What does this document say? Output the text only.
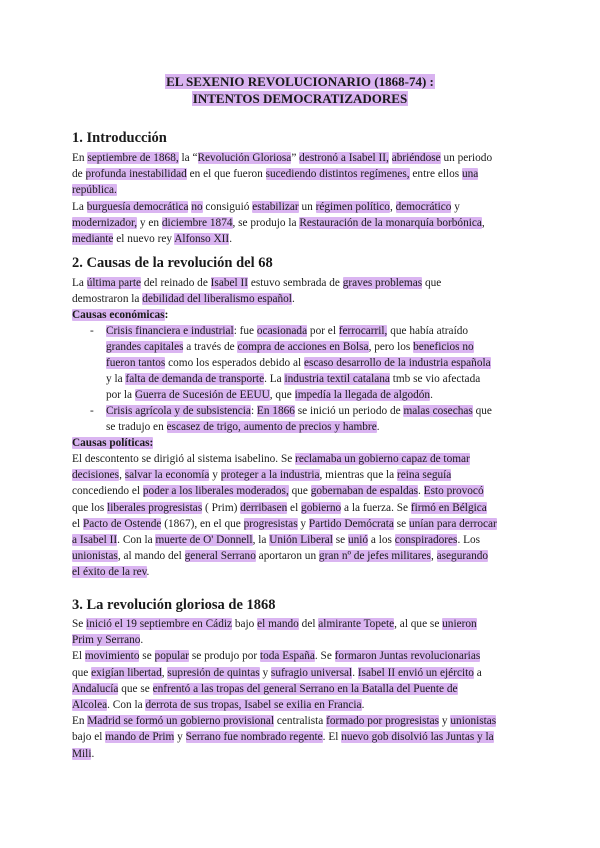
EL SEXENIO REVOLUCIONARIO (1868-74) :
INTENTOS DEMOCRATIZADORES
1. Introducción
En septiembre de 1868, la “Revolución Gloriosa” destronó a Isabel II, abriéndose un periodo
de profunda inestabilidad en el que fueron sucediendo distintos regímenes, entre ellos una
república.
La burguesía democrática no consiguió estabilizar un régimen político, democrático y
modernizador, y en diciembre 1874, se produjo la Restauración de la monarquía borbónica,
mediante el nuevo rey Alfonso XII.
2. Causas de la revolución del 68
La última parte del reinado de Isabel II estuvo sembrada de graves problemas que
demostraron la debilidad del liberalismo español.
Causas económicas:
- Crisis financiera e industrial: fue ocasionada por el ferrocarril, que había atraído
grandes capitales a través de compra de acciones en Bolsa, pero los beneficios no
fueron tantos como los esperados debido al escaso desarrollo de la industria española
y la falta de demanda de transporte. La industria textil catalana tmb se vio afectada
por la Guerra de Sucesión de EEUU, que impedía la llegada de algodón.
- Crisis agrícola y de subsistencia: En 1866 se inició un periodo de malas cosechas que
se tradujo en escasez de trigo, aumento de precios y hambre.
Causas políticas:
El descontento se dirigió al sistema isabelino. Se reclamaba un gobierno capaz de tomar
decisiones, salvar la economía y proteger a la industria, mientras que la reina seguía
concediendo el poder a los liberales moderados, que gobernaban de espaldas. Esto provocó
que los liberales progresistas ( Prim) derribasen el gobierno a la fuerza. Se firmó en Bélgica
el Pacto de Ostende (1867), en el que progresistas y Partido Demócrata se unían para derrocar
a Isabel II. Con la muerte de O' Donnell, la Unión Liberal se unió a los conspiradores. Los
unionistas, al mando del general Serrano aportaron un gran nº de jefes militares, asegurando
el éxito de la rev.
3. La revolución gloriosa de 1868
Se inició el 19 septiembre en Cádiz bajo el mando del almirante Topete, al que se unieron
Prim y Serrano.
El movimiento se popular se produjo por toda España. Se formaron Juntas revolucionarias
que exigían libertad, supresión de quintas y sufragio universal. Isabel II envió un ejército a
Andalucía que se enfrentó a las tropas del general Serrano en la Batalla del Puente de
Alcolea. Con la derrota de sus tropas, Isabel se exilia en Francia.
En Madrid se formó un gobierno provisional centralista formado por progresistas y unionistas
bajo el mando de Prim y Serrano fue nombrado regente. El nuevo gob disolvió las Juntas y la
Mili.
